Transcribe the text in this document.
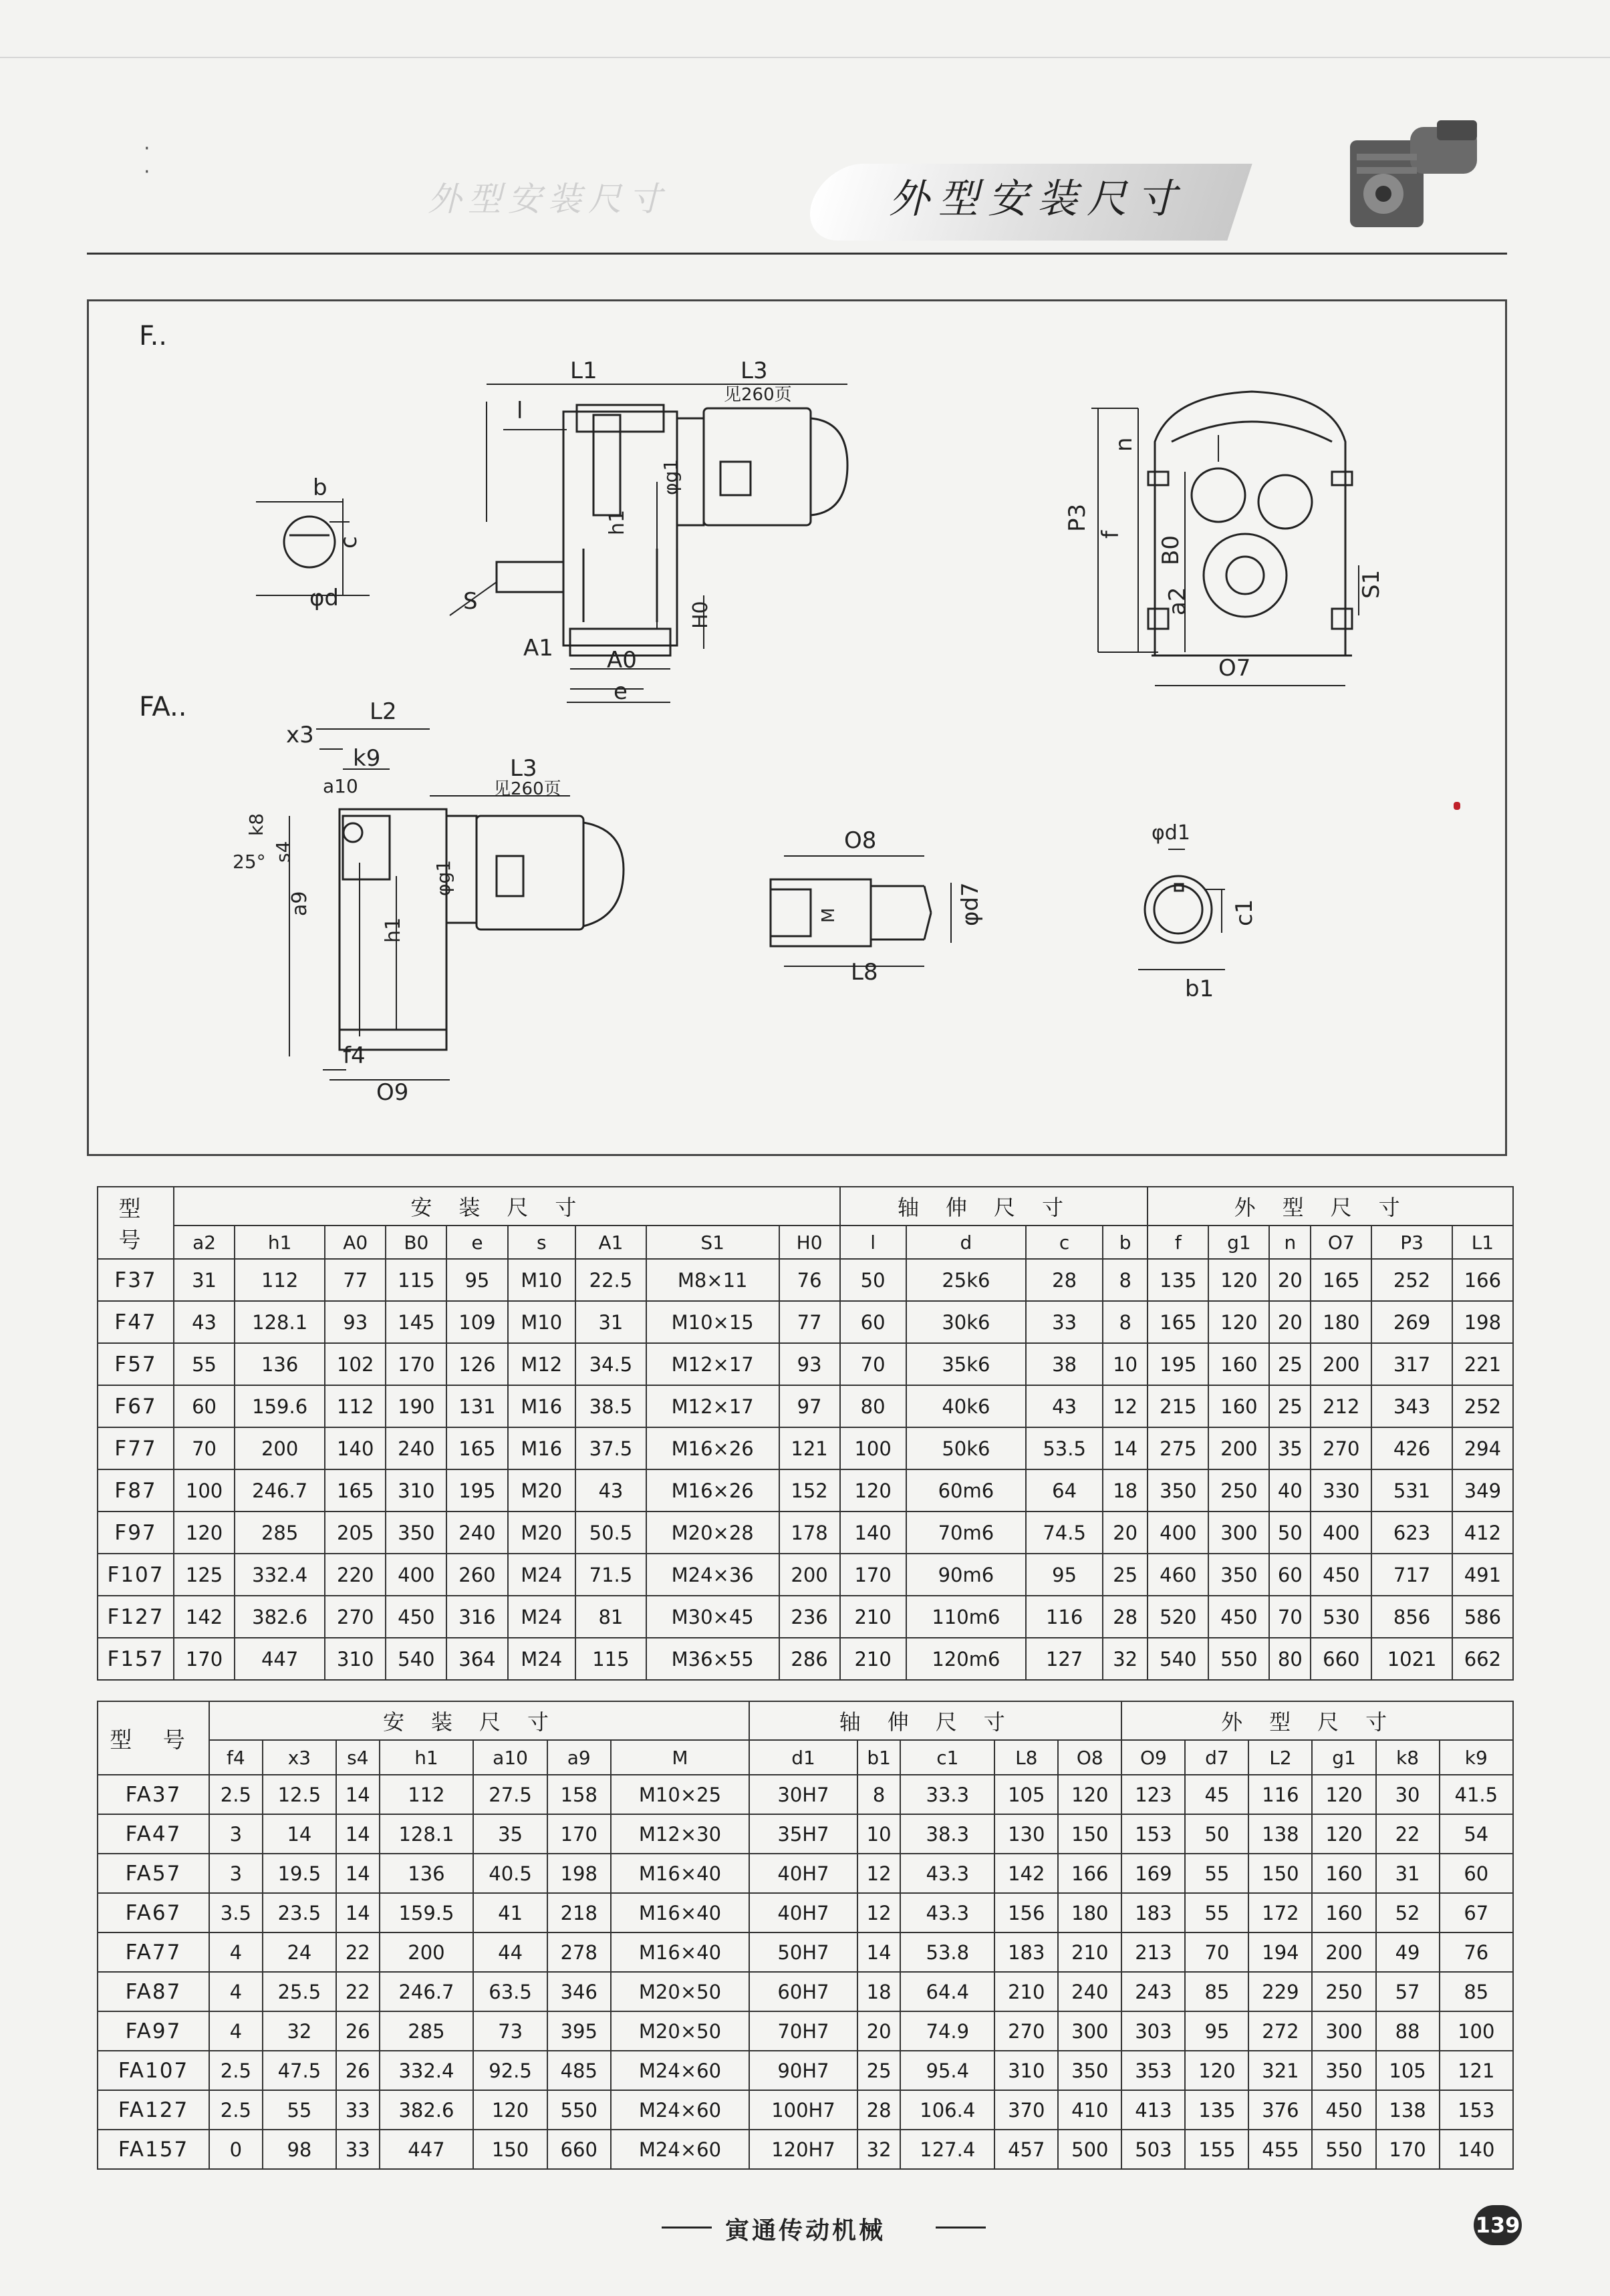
·
·
外型安装尺寸	外型安装尺寸
F..
FA..
L1	L3
见260页
l
φg1
h1
H0
S
A1 A0
e
b
c
φd
P3
f
n
B0
a2
S1
O7
L2
x3
k9
a10
k8
25° s4
a9
L3
见260页
φg1
h1
f4
O9
O8
φd7
L8
M
φd1
c1
b1
型 号	安装尺寸									轴伸尺寸				外型尺寸					
	a2	h1	A0	B0	e	s	A1	S1	H0	l	d	c	b	f	g1	n	O7	P3	L1
F37	31	112	77	115	95	M10	22.5	M8×11	76	50	25k6	28	8	135	120	20	165	252	166
F47	43	128.1	93	145	109	M10	31	M10×15	77	60	30k6	33	8	165	120	20	180	269	198
F57	55	136	102	170	126	M12	34.5	M12×17	93	70	35k6	38	10	195	160	25	200	317	221
F67	60	159.6	112	190	131	M16	38.5	M12×17	97	80	40k6	43	12	215	160	25	212	343	252
F77	70	200	140	240	165	M16	37.5	M16×26	121	100	50k6	53.5	14	275	200	35	270	426	294
F87	100	246.7	165	310	195	M20	43	M16×26	152	120	60m6	64	18	350	250	40	330	531	349
F97	120	285	205	350	240	M20	50.5	M20×28	178	140	70m6	74.5	20	400	300	50	400	623	412
F107	125	332.4	220	400	260	M24	71.5	M24×36	200	170	90m6	95	25	460	350	60	450	717	491
F127	142	382.6	270	450	316	M24	81	M30×45	236	210	110m6	116	28	520	450	70	530	856	586
F157	170	447	310	540	364	M24	115	M36×55	286	210	120m6	127	32	540	550	80	660	1021	662
型 号	安装尺寸							轴伸尺寸					外型尺寸					
	f4	x3	s4	h1	a10	a9	M	d1	b1	c1	L8	O8	O9	d7	L2	g1	k8	k9
FA37	2.5	12.5	14	112	27.5	158	M10×25	30H7	8	33.3	105	120	123	45	116	120	30	41.5
FA47	3	14	14	128.1	35	170	M12×30	35H7	10	38.3	130	150	153	50	138	120	22	54
FA57	3	19.5	14	136	40.5	198	M16×40	40H7	12	43.3	142	166	169	55	150	160	31	60
FA67	3.5	23.5	14	159.5	41	218	M16×40	40H7	12	43.3	156	180	183	55	172	160	52	67
FA77	4	24	22	200	44	278	M16×40	50H7	14	53.8	183	210	213	70	194	200	49	76
FA87	4	25.5	22	246.7	63.5	346	M20×50	60H7	18	64.4	210	240	243	85	229	250	57	85
FA97	4	32	26	285	73	395	M20×50	70H7	20	74.9	270	300	303	95	272	300	88	100
FA107	2.5	47.5	26	332.4	92.5	485	M24×60	90H7	25	95.4	310	350	353	120	321	350	105	121
FA127	2.5	55	33	382.6	120	550	M24×60	100H7	28	106.4	370	410	413	135	376	450	138	153
FA157	0	98	33	447	150	660	M24×60	120H7	32	127.4	457	500	503	155	455	550	170	140
寅通传动机械	139
